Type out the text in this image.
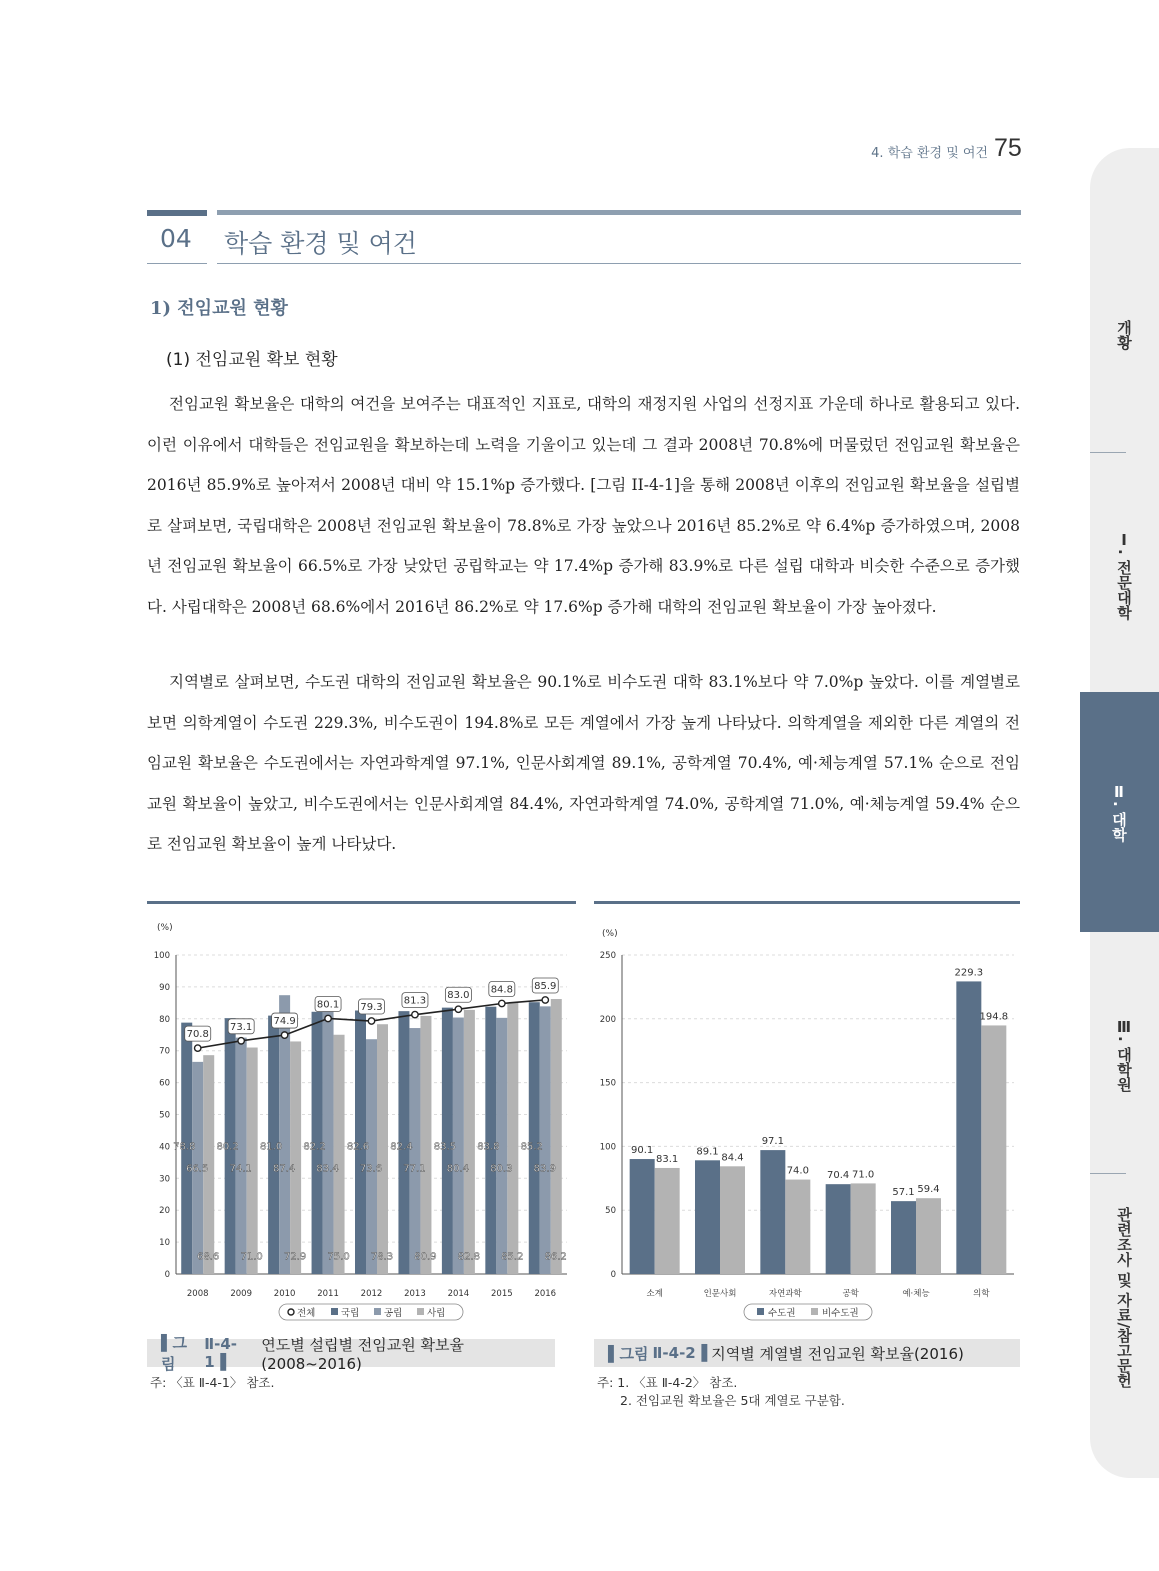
4. 학습 환경 및 여건 75
개황
Ⅰ. 전문대학
Ⅱ. 대학
Ⅲ. 대학원
관련조사 및 자료/참고문헌
04 학습 환경 및 여건
1) 전임교원 현황
(1) 전임교원 확보 현황
전임교원 확보율은 대학의 여건을 보여주는 대표적인 지표로, 대학의 재정지원 사업의 선정지표 가운데 하나로 활용되고 있다. 이런 이유에서 대학들은 전임교원을 확보하는데 노력을 기울이고 있는데 그 결과 2008년 70.8%에 머물렀던 전임교원 확보율은 2016년 85.9%로 높아져서 2008년 대비 약 15.1%p 증가했다. [그림 II-4-1]을 통해 2008년 이후의 전임교원 확보율을 설립별로 살펴보면, 국립대학은 2008년 전임교원 확보율이 78.8%로 가장 높았으나 2016년 85.2%로 약 6.4%p 증가하였으며, 2008년 전임교원 확보율이 66.5%로 가장 낮았던 공립학교는 약 17.4%p 증가해 83.9%로 다른 설립 대학과 비슷한 수준으로 증가했다. 사립대학은 2008년 68.6%에서 2016년 86.2%로 약 17.6%p 증가해 대학의 전임교원 확보율이 가장 높아졌다.
지역별로 살펴보면, 수도권 대학의 전임교원 확보율은 90.1%로 비수도권 대학 83.1%보다 약 7.0%p 높았다. 이를 계열별로 보면 의학계열이 수도권 229.3%, 비수도권이 194.8%로 모든 계열에서 가장 높게 나타났다. 의학계열을 제외한 다른 계열의 전임교원 확보율은 수도권에서는 자연과학계열 97.1%, 인문사회계열 89.1%, 공학계열 70.4%, 예·체능계열 57.1% 순으로 전임교원 확보율이 높았고, 비수도권에서는 인문사회계열 84.4%, 자연과학계열 74.0%, 공학계열 71.0%, 예·체능계열 59.4% 순으로 전임교원 확보율이 높게 나타났다.
(%)
0
10
20
30
40
50
60
70
80
90
100
2008
78.8
66.5
68.6
2009
80.2
74.1
71.0
2010
81.0
87.4
72.9
2011
82.2
83.4
75.0
2012
82.6
73.6
78.3
2013
82.4
77.1
80.9
2014
83.5
80.4
82.8
2015
83.8
80.3
85.2
2016
85.2
83.9
86.2
70.8
73.1
74.9
80.1 79.3
81.3 83.0
84.8 85.9
전체	국립	공립	사립
▌그림
Ⅱ-4-1▐
연도별 설립별 전임교원 확보율(2008~2016)
주: 〈표 Ⅱ-4-1〉 참조.
(%)
0
50
100
150
200
250
90.1
83.1
소계
89.1
84.4
인문사회
97.1
74.0
자연과학
70.4 71.0
공학
57.1 59.4
예·체능
229.3
194.8
의학
수도권	비수도권
▌그림 Ⅱ-4-2▐ 지역별 계열별 전임교원 확보율(2016)
주: 1. 〈표 Ⅱ-4-2〉 참조.
2. 전임교원 확보율은 5대 계열로 구분함.
